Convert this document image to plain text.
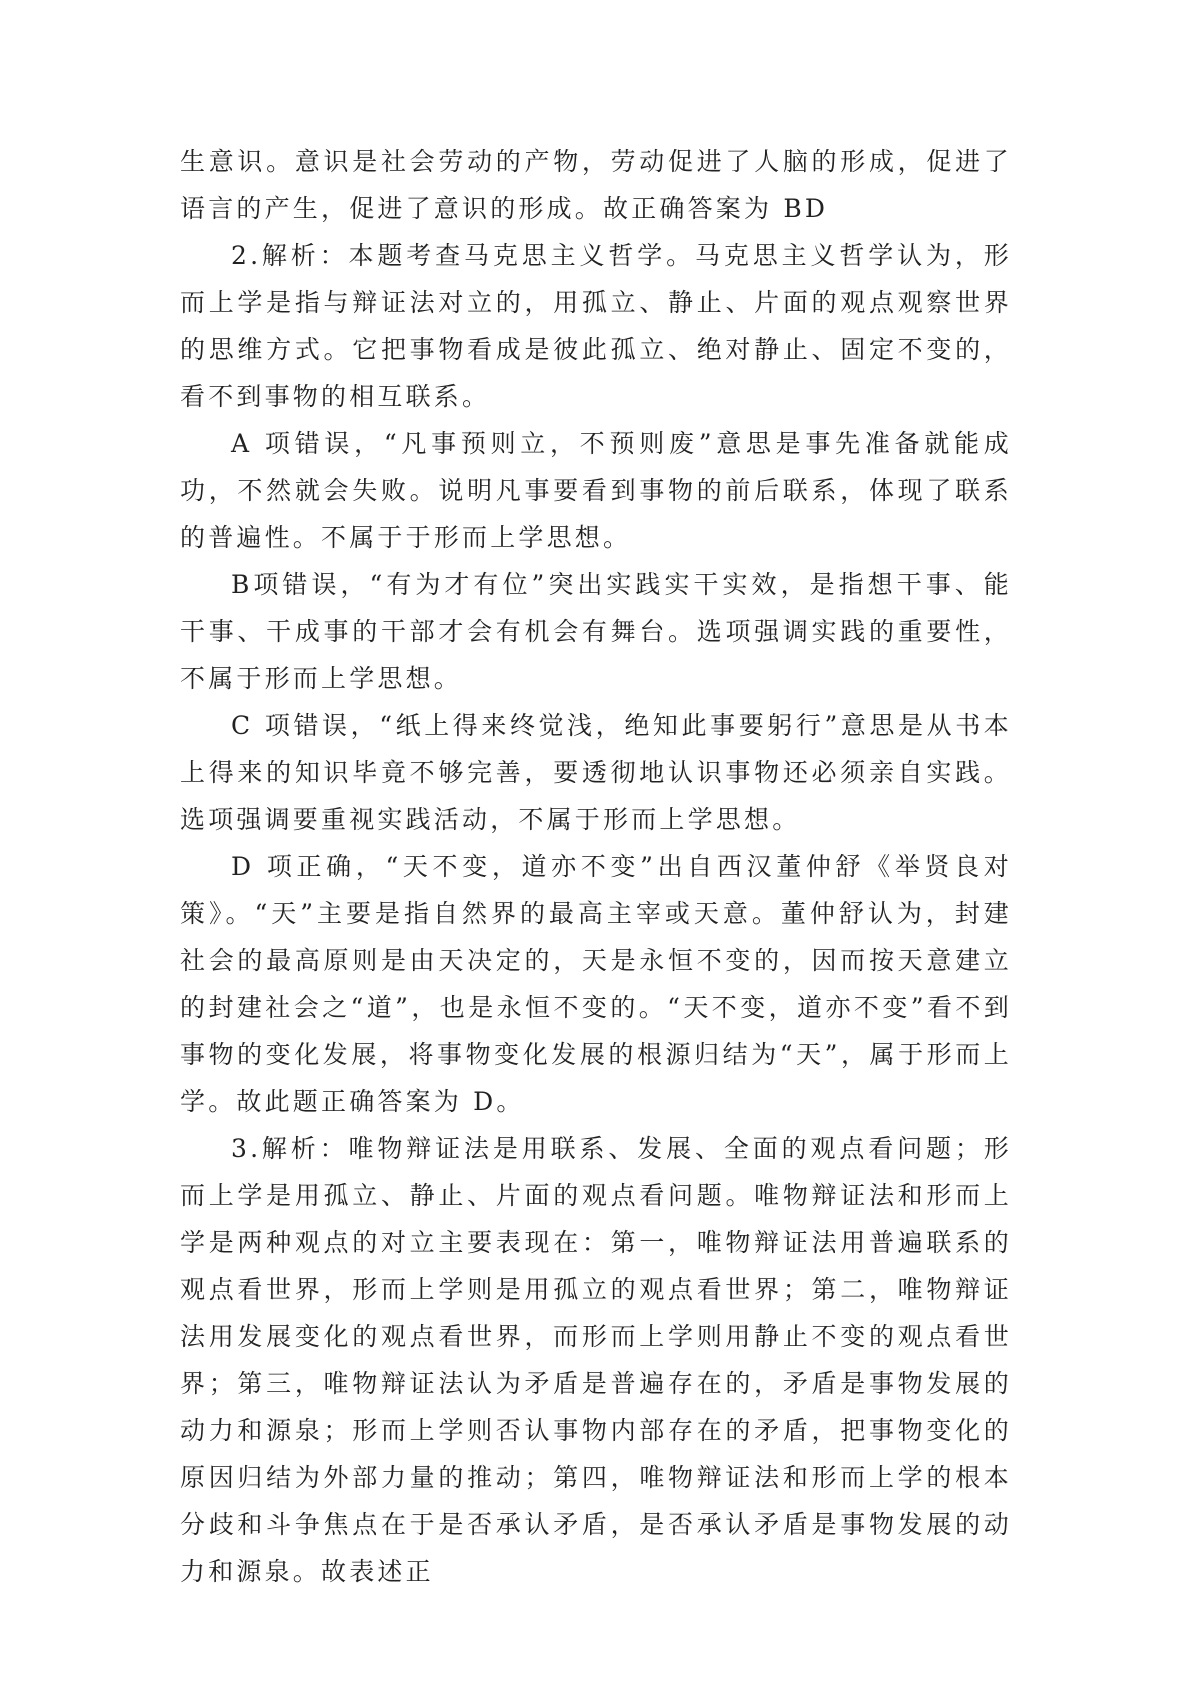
生意识。意识是社会劳动的产物，劳动促进了人脑的形成，促进了语言的产生，促进了意识的形成。故正确答案为 BD

2.解析：本题考查马克思主义哲学。马克思主义哲学认为，形而上学是指与辩证法对立的，用孤立、静止、片面的观点观察世界的思维方式。它把事物看成是彼此孤立、绝对静止、固定不变的，看不到事物的相互联系。

A 项错误，“凡事预则立，不预则废”意思是事先准备就能成功，不然就会失败。说明凡事要看到事物的前后联系，体现了联系的普遍性。不属于于形而上学思想。

B项错误，“有为才有位”突出实践实干实效，是指想干事、能干事、干成事的干部才会有机会有舞台。选项强调实践的重要性，不属于形而上学思想。

C 项错误，“纸上得来终觉浅，绝知此事要躬行”意思是从书本上得来的知识毕竟不够完善，要透彻地认识事物还必须亲自实践。选项强调要重视实践活动，不属于形而上学思想。

D 项正确，“天不变，道亦不变”出自西汉董仲舒《举贤良对策》。“天”主要是指自然界的最高主宰或天意。董仲舒认为，封建社会的最高原则是由天决定的，天是永恒不变的，因而按天意建立的封建社会之“道”，也是永恒不变的。“天不变，道亦不变”看不到事物的变化发展，将事物变化发展的根源归结为“天”，属于形而上学。故此题正确答案为 D。

3.解析：唯物辩证法是用联系、发展、全面的观点看问题；形而上学是用孤立、静止、片面的观点看问题。唯物辩证法和形而上学是两种观点的对立主要表现在：第一，唯物辩证法用普遍联系的观点看世界，形而上学则是用孤立的观点看世界；第二，唯物辩证法用发展变化的观点看世界，而形而上学则用静止不变的观点看世界；第三，唯物辩证法认为矛盾是普遍存在的，矛盾是事物发展的动力和源泉；形而上学则否认事物内部存在的矛盾，把事物变化的原因归结为外部力量的推动；第四，唯物辩证法和形而上学的根本分歧和斗争焦点在于是否承认矛盾，是否承认矛盾是事物发展的动力和源泉。故表述正
